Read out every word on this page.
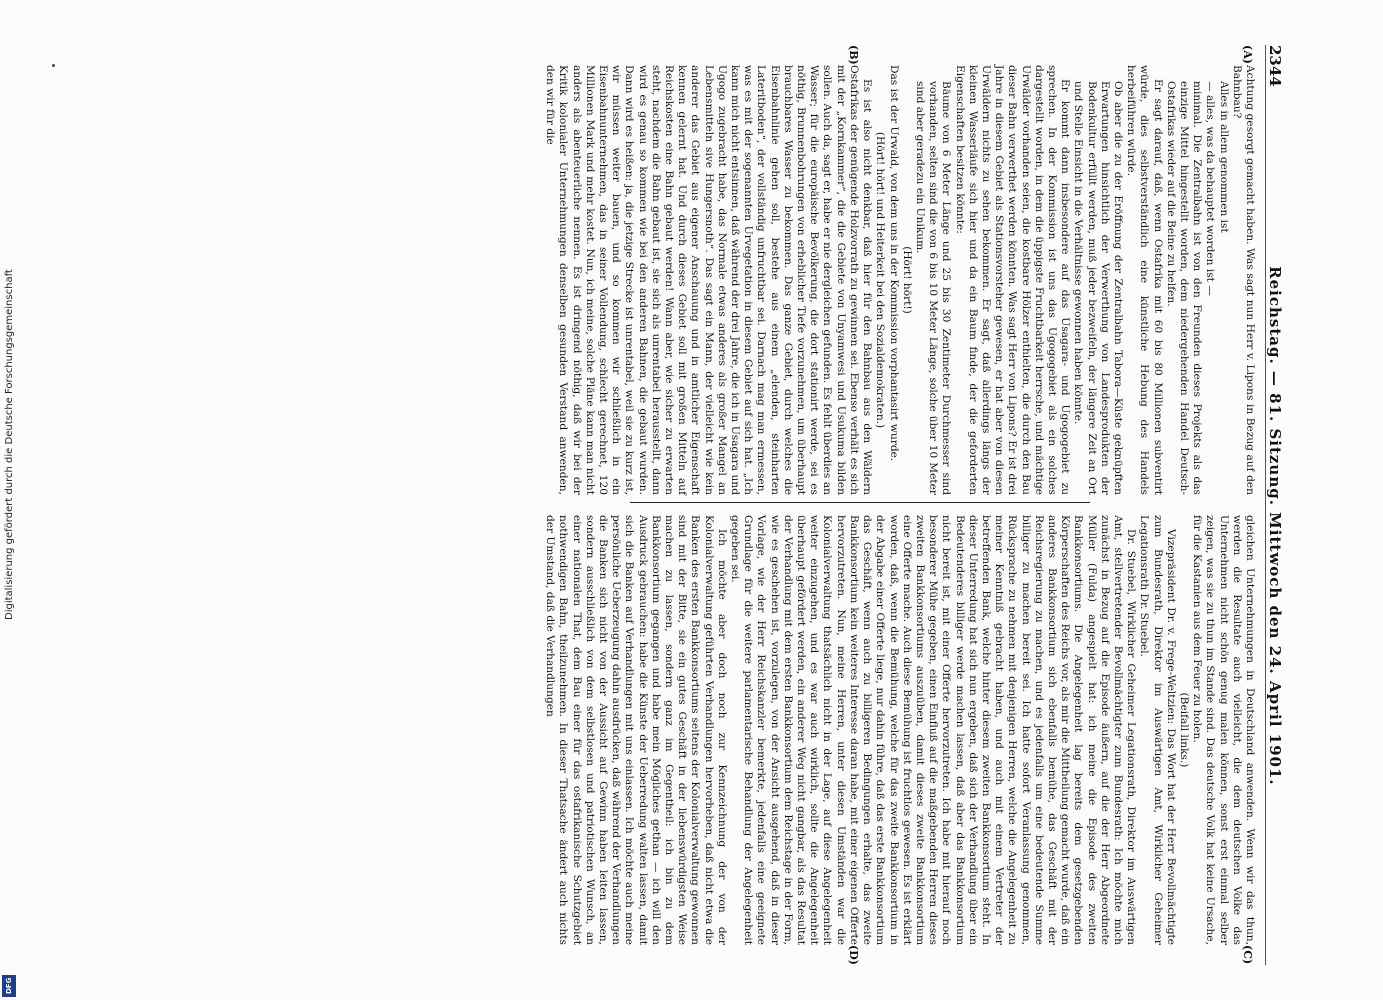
2344
Reichstag. — 81. Sitzung. Mittwoch den 24. April 1901.
(A)
(B)
(C)
(D)

Achtung gesorgt gemacht haben. Was sagt nun Herr v. Lipons in Bezug auf den Bahnbau?

Alles in allem genommen ist

— alles, was da behauptet worden ist —

minimal. Die Zentralbahn ist von den Freunden dieses Projekts als das einzige Mittel hingestellt worden, dem niedergehenden Handel Deutsch-Ostafrikas wieder auf die Beine zu helfen.

Er sagt darauf, daß, wenn Ostafrika mit 60 bis 80 Millionen subventirt würde, dies selbstverständlich eine künstliche Hebung des Handels herbeiführen würde.

Ob aber die zu der Eröffnung der Zentralbahn Tabora—Küste geknüpften Erwartungen hinsichtlich der Verwerthung von Landesprodukten der Bodenkultur erfüllt werden, muß jeder bezweifeln, der längere Zeit an Ort und Stelle Einsicht in die Verhältnisse gewonnen haben könnte.

Er kommt dann insbesondere auf das Usagara- und Ugogogebiet zu sprechen. In der Kommission ist uns das Ugogogebiet als ein solches dargestellt worden, in dem die üppigste Fruchtbarkeit herrsche, und mächtige Urwälder vorhanden seien, die kostbare Hölzer enthielten, die durch den Bau dieser Bahn verwerthet werden könnten. Was sagt Herr von Lipons? Er ist drei Jahre in diesem Gebiet als Stationsvorsteher gewesen, er hat aber von diesen Urwäldern nichts zu sehen bekommen. Er sagt, daß allerdings längs der kleinen Wasserläufe sich hier und da ein Baum finde, der die geforderten Eigenschaften besitzen könnte:

Bäume von 6 Meter Länge und 25 bis 30 Zentimeter Durchmesser sind vorhanden, selten sind die von 6 bis 10 Meter Länge, solche über 10 Meter sind aber geradezu ein Unikum.

(Hört! hört!)

Das ist der Urwald, von dem uns in der Kommission vorphantasirt wurde.

(Hört! hört! und Heiterkeit bei den Sozialdemokraten.)

Es ist also nicht denkbar, daß hier für den Bahnbau aus den Wäldern Ostafrikas der genügende Holzvorrath zu gewinnen sei. Ebenso verhält es sich mit der „Kornkammer“, die die Gebiete von Unyamwesi und Usukuma bilden sollen. Auch da, sagt er, habe er nie dergleichen gefunden. Es fehlt überdies an Wasser; für die europäische Bevölkerung, die dort stationirt werde, sei es nöthig, Brunnenbohrungen von erheblicher Tiefe vorzunehmen, um überhaupt brauchbares Wasser zu bekommen. Das ganze Gebiet, durch welches die Eisenbahnlinie gehen soll, bestehe aus einem „elenden, steinharten Lateritboden“, der vollständig unfruchtbar sei. Darnach mag man ermessen, was es mit der sogenannten Urvegetation in diesem Gebiet auf sich hat. „Ich kann mich nicht entsinnen, daß während der drei Jahre, die ich in Usagara und Ugogo zugebracht habe, das Normale etwas anderes als großer Mangel an Lebensmitteln sive Hungersnoth“. Das sagt ein Mann, der vielleicht wie kein anderer das Gebiet aus eigener Anschauung und in amtlicher Eigenschaft kennen gelernt hat. Und durch dieses Gebiet soll mit großen Mitteln auf Reichskosten eine Bahn gebaut werden! Wann aber, wie sicher zu erwarten steht, nachdem die Bahn gebaut ist, sie sich als unrentabel herausstellt, dann wird es genau so kommen wie bei den anderen Bahnen, die gebaut wurden. Dann wird es heißen: ja, die jetzige Strecke ist unrentabel, weil sie zu kurz ist, wir müssen weiter bauen, und so kommen wir schließlich in ein Eisenbahnunternehmen, das in seiner Vollendung, schlecht gerechnet, 120 Millionen Mark und mehr kostet. Nun, ich meine, solche Pläne kann man nicht anders als abenteuerliche nennen. Es ist dringend nöthig, daß wir bei der Kritik kolonialer Unternehmungen denselben gesunden Verstand anwenden, den wir für die

gleichen Unternehmungen in Deutschland anwenden. Wenn wir das thun, werden die Resultate auch vielleicht, die dem deutschen Volke das Unternehmen nicht schön genug malen können, sonst erst einmal selber zeigen, was sie zu thun im Stande sind. Das deutsche Volk hat keine Ursache, für die Kastanien aus dem Feuer zu holen.

(Beifall links.)

Vizepräsident Dr. v. Frege-Weltzien: Das Wort hat der Herr Bevollmächtigte zum Bundesrath, Direktor im Auswärtigen Amt, Wirklicher Geheimer Legationsrath Dr. Stuebel.

Dr. Stuebel, Wirklicher Geheimer Legationsrath, Direktor im Auswärtigen Amt, stellvertretender Bevollmächtigter zum Bundesrath: Ich möchte mich zunächst in Bezug auf die Episode äußern, auf die der Herr Abgeordnete Müller (Fulda) angespielt hat: ich meine die Episode des zweiten Bankkonsortiums. Die Angelegenheit lag bereits dem gesetzgebenden Körperschaften des Reichs vor, als mir die Mittheilung gemacht wurde, daß ein anderes Bankkonsortium sich ebenfalls bemühe, das Geschäft mit der Reichsregierung zu machen, und es jedenfalls um eine bedeutende Summe billiger zu machen bereit sei. Ich hatte sofort Veranlassung genommen, Rücksprache zu nehmen mit denjenigen Herren, welche die Angelegenheit zu meiner Kenntniß gebracht haben, und auch mit einem Vertreter der betreffenden Bank, welche hinter diesem zweiten Bankkonsortium steht. In dieser Unterredung hat sich nun ergeben, daß sich der Verhandlung über ein Bedeutenderes billiger werde machen lassen, daß aber das Bankkonsortium nicht bereit ist, mit einer Offerte hervorzutreten. Ich habe mit hierauf noch besonderer Mühe gegeben, einen Einfluß auf die maßgebenden Herren dieses zweiten Bankkonsortiums auszuüben, damit dieses zweite Bankkonsortium eine Offerte mache. Auch diese Bemühung ist fruchtlos gewesen. Es ist erklärt worden, daß, wenn die Bemühung, welche für das zweite Bankkonsortium in der Abgabe einer Offerte liege, nur dahin führe, daß das erste Bankkonsortium das Geschäft, wenn auch zu billigeren Bedingungen erhalte, das zweite Bankkonsortium kein weiteres Interesse daran habe, mit einer eigenen Offerte hervorzutreten. Nun, meine Herren, unter diesen Umständen war die Kolonialverwaltung thatsächlich nicht in der Lage, auf diese Angelegenheit weiter einzugehen, und es war auch wirklich, sollte die Angelegenheit überhaupt gefördert werden, ein anderer Weg nicht gangbar, als das Resultat der Verhandlung mit dem ersten Bankkonsortium dem Reichstage in der Form, wie es geschehen ist, vorzulegen, von der Ansicht ausgehend, daß in dieser Vorlage, wie der Herr Reichskanzler bemerkte, jedenfalls eine geeignete Grundlage für die weitere parlamentarische Behandlung der Angelegenheit gegeben sei.

Ich möchte aber doch noch zur Kennzeichnung der von der Kolonialverwaltung geführten Verhandlungen hervorheben, daß nicht etwa die Banken des ersten Bankkonsortiums seitens der Kolonialverwaltung gewonnen sind mit der Bitte, sie ein gutes Geschäft in der liebenswürdigsten Weise machen zu lassen, sondern ganz im Gegentheil: ich bin zu dem Bankkonsortium gegangen und habe mein Mögliches gethan — ich will den Ausdruck gebrauchen: habe die Künste der Ueberredung walten lassen, damit sich die Banken auf Verhandlungen mit uns einlassen. Ich möchte auch meine persönliche Ueberzeugung dahin ausdrücken, daß während der Verhandlungen die Banken sich nicht von der Aussicht auf Gewinn haben leiten lassen, sondern ausschließlich von dem selbstlosen und patriotischen Wunsch, an einer nationalen That, dem Bau einer für das ostafrikanische Schutzgebiet nothwendigen Bahn, theilzunehmen. In dieser Thatsache ändert auch nichts der Umstand, daß die Verhandlungen

Digitalisierung gefördert durch die Deutsche Forschungsgemeinschaft
DFG
